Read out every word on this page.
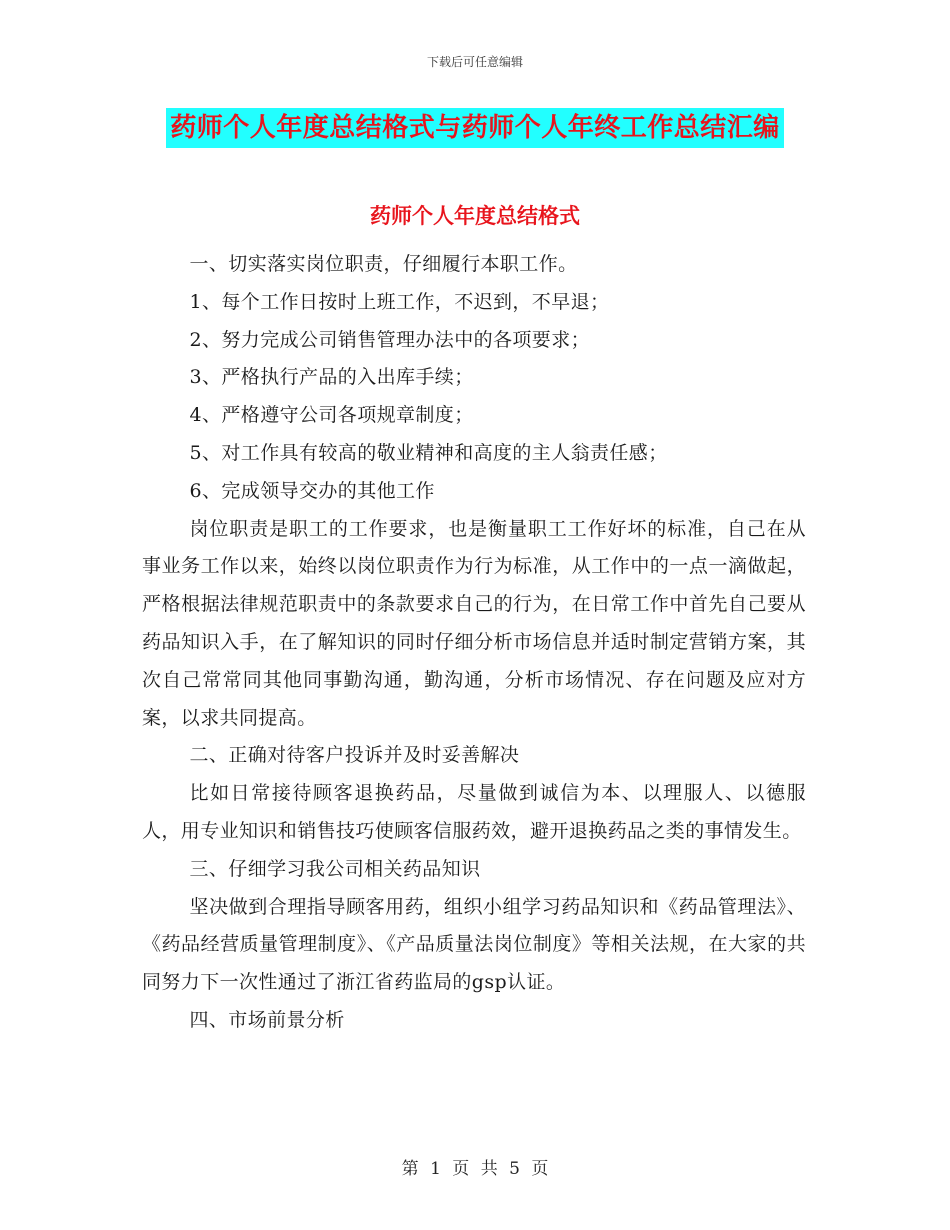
下载后可任意编辑
药师个人年度总结格式与药师个人年终工作总结汇编
药师个人年度总结格式

一、切实落实岗位职责，仔细履行本职工作。

1、每个工作日按时上班工作，不迟到，不早退；

2、努力完成公司销售管理办法中的各项要求；

3、严格执行产品的入出库手续；

4、严格遵守公司各项规章制度；

5、对工作具有较高的敬业精神和高度的主人翁责任感；

6、完成领导交办的其他工作

岗位职责是职工的工作要求，也是衡量职工工作好坏的标准，自己在从事业务工作以来，始终以岗位职责作为行为标准，从工作中的一点一滴做起，严格根据法律规范职责中的条款要求自己的行为，在日常工作中首先自己要从药品知识入手，在了解知识的同时仔细分析市场信息并适时制定营销方案，其次自己常常同其他同事勤沟通，勤沟通，分析市场情况、存在问题及应对方案，以求共同提高。

二、正确对待客户投诉并及时妥善解决

比如日常接待顾客退换药品，尽量做到诚信为本、以理服人、以德服人，用专业知识和销售技巧使顾客信服药效，避开退换药品之类的事情发生。

三、仔细学习我公司相关药品知识

坚决做到合理指导顾客用药，组织小组学习药品知识和《药品管理法》、《药品经营质量管理制度》、《产品质量法岗位制度》等相关法规，在大家的共同努力下一次性通过了浙江省药监局的gsp认证。

四、市场前景分析

第 1 页 共 5 页
